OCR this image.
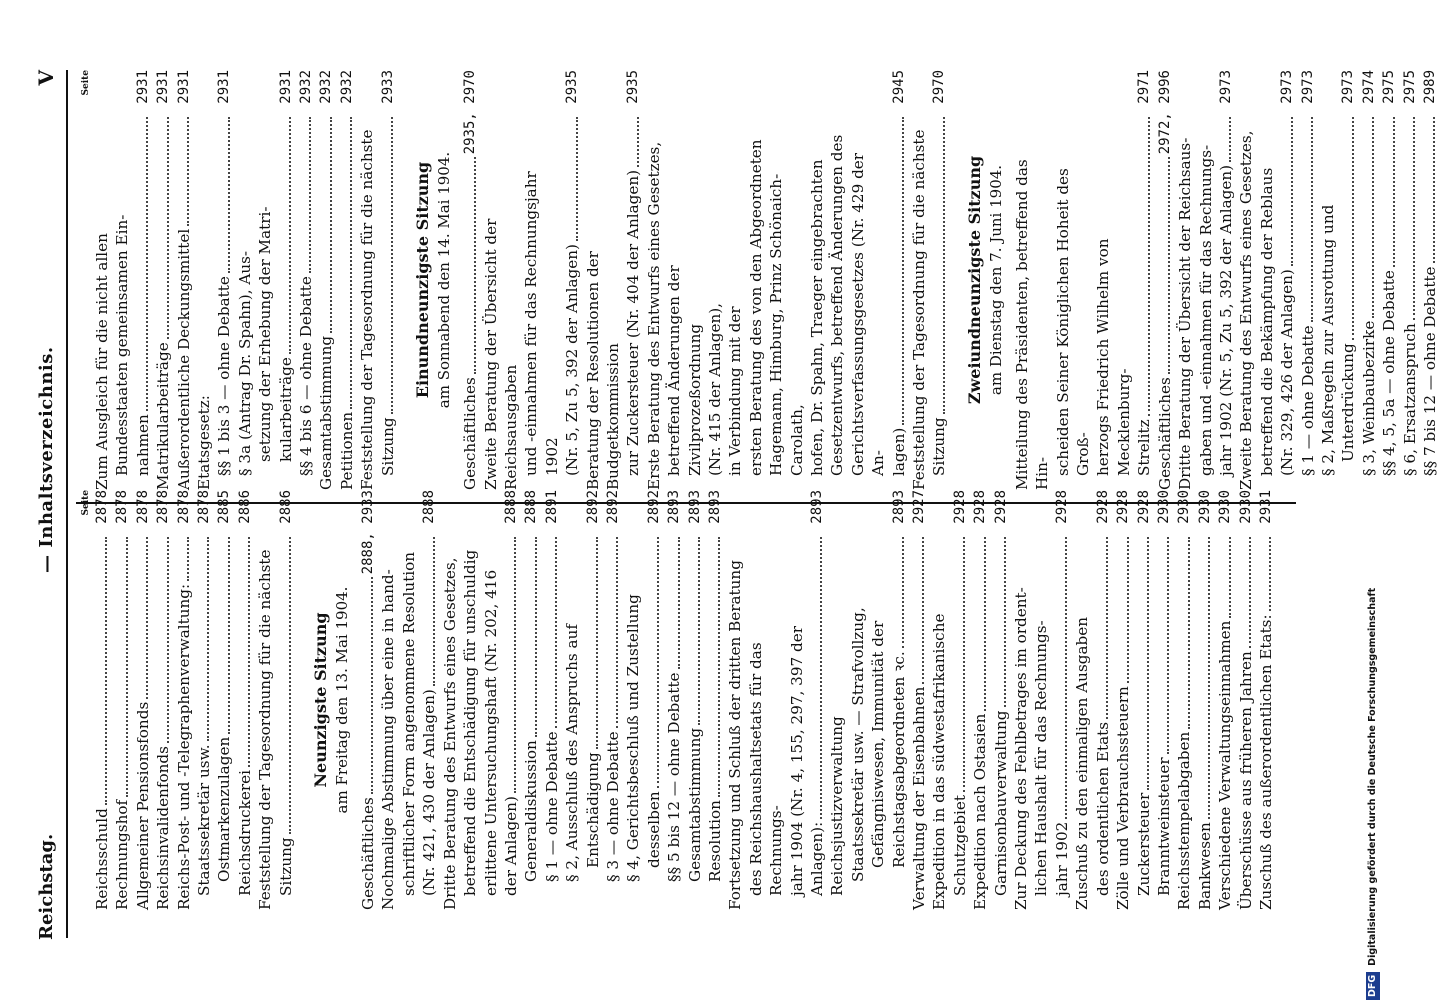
Reichstag.
— Inhaltsverzeichnis.
V
Seite
Reichsschuld
2878
Rechnungshof
2878
Allgemeiner Pensionsfonds
2878
Reichsinvalidenfonds
2878
Reichs-Post- und -Telegraphenverwaltung:
2878
Staatssekretär usw.
2878
Ostmarkenzulagen
2885
Reichsdruckerei
2886
Feststellung der Tagesordnung für die nächste Sitzung
2886
Neunzigste Sitzung am Freitag den 13. Mai 1904.
Geschäftliches
2888, 2933
Nochmalige Abstimmung über eine in hand- schriftlicher Form angenommene Resolution (Nr. 421, 430 der Anlagen)
2888
Dritte Beratung des Entwurfs eines Gesetzes, betreffend die Entschädigung für unschuldig erlittene Untersuchungshaft (Nr. 202, 416 der Anlagen)
2888
Generaldiskussion
2888
§ 1 — ohne Debatte
2891
§ 2, Ausschluß des Anspruchs auf Entschädigung
2892
§ 3 — ohne Debatte
2892
§ 4, Gerichtsbeschluß und Zustellung desselben
2892
§§ 5 bis 12 — ohne Debatte
2893
Gesamtabstimmung
2893
Resolution
2893
Fortsetzung und Schluß der dritten Beratung des Reichshaushaltsetats für das Rechnungs- jahr 1904 (Nr. 4, 155, 297, 397 der Anlagen):
2893
Reichsjustizverwaltung Staatssekretär usw. — Strafvollzug, Gefängniswesen, Immunität der Reichstagsabgeordneten ꝛc.
2893
Verwaltung der Eisenbahnen
2927
Expedition in das südwestafrikanische Schutzgebiet
2928
Expedition nach Ostasien
2928
Garnisonbauverwaltung
2928
Zur Deckung des Fehlbetrages im ordent- lichen Haushalt für das Rechnungs- jahr 1902
2928
Zuschuß zu den einmaligen Ausgaben des ordentlichen Etats
2928
Zölle und Verbrauchssteuern
2928
Zuckersteuer
2928
Branntweinsteuer
2930
Reichsstempelabgaben
2930
Bankwesen
2930
Verschiedene Verwaltungseinnahmen
2930
Überschüsse aus früheren Jahren
2930
Zuschuß des außerordentlichen Etats:
2931
Seite
Zum Ausgleich für die nicht allen Bundesstaaten gemeinsamen Ein- nahmen
2931
Matrikularbeiträge
2931
Außerordentliche Deckungsmittel
2931
Etatsgesetz: §§ 1 bis 3 — ohne Debatte
2931
§ 3a (Antrag Dr. Spahn), Aus- setzung der Erhebung der Matri- kularbeiträge
2931
§§ 4 bis 6 — ohne Debatte
2932
Gesamtabstimmung
2932
Petitionen
2932
Feststellung der Tagesordnung für die nächste Sitzung
2933
Einundneunzigste Sitzung am Sonnabend den 14. Mai 1904.
Geschäftliches
2935, 2970
Zweite Beratung der Übersicht der Reichsausgaben und -einnahmen für das Rechnungsjahr 1902 (Nr. 5, Zu 5, 392 der Anlagen)
2935
Beratung der Resolutionen der Budgetkommission zur Zuckersteuer (Nr. 404 der Anlagen)
2935
Erste Beratung des Entwurfs eines Gesetzes, betreffend Änderungen der Zivilprozeßordnung (Nr. 415 der Anlagen), in Verbindung mit der ersten Beratung des von den Abgeordneten Hagemann, Himburg, Prinz Schönaich-Carolath, hofen, Dr. Spahn, Traeger eingebrachten Gesetzentwurfs, betreffend Änderungen des Gerichtsverfassungsgesetzes (Nr. 429 der An- lagen)
2945
Feststellung der Tagesordnung für die nächste Sitzung
2970
Zweiundneunzigste Sitzung am Dienstag den 7. Juni 1904. Mitteilung des Präsidenten, betreffend das Hin- scheiden Seiner Königlichen Hoheit des Groß- herzogs Friedrich Wilhelm von Mecklenburg- Strelitz
2971
Geschäftliches
2972, 2996
Dritte Beratung der Übersicht der Reichsaus- gaben und -einnahmen für das Rechnungs- jahr 1902 (Nr. 5, Zu 5, 392 der Anlagen)
2973
Zweite Beratung des Entwurfs eines Gesetzes, betreffend die Bekämpfung der Reblaus (Nr. 329, 426 der Anlagen)
2973
§ 1 — ohne Debatte
2973
§ 2, Maßregeln zur Ausrottung und Unterdrückung
2973
§ 3, Weinbaubezirke
2974
§§ 4, 5, 5a — ohne Debatte
2975
§ 6, Ersatzanspruch
2975
§§ 7 bis 12 — ohne Debatte
2989
DFGDigitalisierung gefördert durch die Deutsche Forschungsgemeinschaft
